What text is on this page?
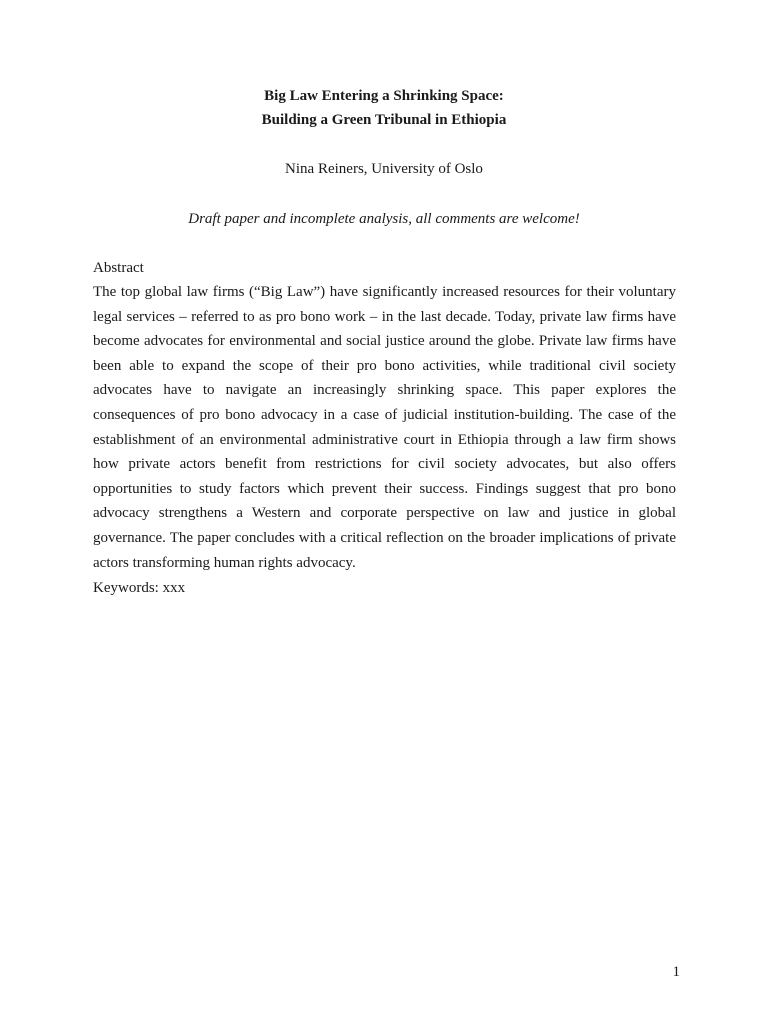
Big Law Entering a Shrinking Space:
Building a Green Tribunal in Ethiopia
Nina Reiners, University of Oslo
Draft paper and incomplete analysis, all comments are welcome!
Abstract

The top global law firms (“Big Law”) have significantly increased resources for their voluntary legal services – referred to as pro bono work – in the last decade. Today, private law firms have become advocates for environmental and social justice around the globe. Private law firms have been able to expand the scope of their pro bono activities, while traditional civil society advocates have to navigate an increasingly shrinking space. This paper explores the consequences of pro bono advocacy in a case of judicial institution-building. The case of the establishment of an environmental administrative court in Ethiopia through a law firm shows how private actors benefit from restrictions for civil society advocates, but also offers opportunities to study factors which prevent their success. Findings suggest that pro bono advocacy strengthens a Western and corporate perspective on law and justice in global governance. The paper concludes with a critical reflection on the broader implications of private actors transforming human rights advocacy.

Keywords: xxx
1
